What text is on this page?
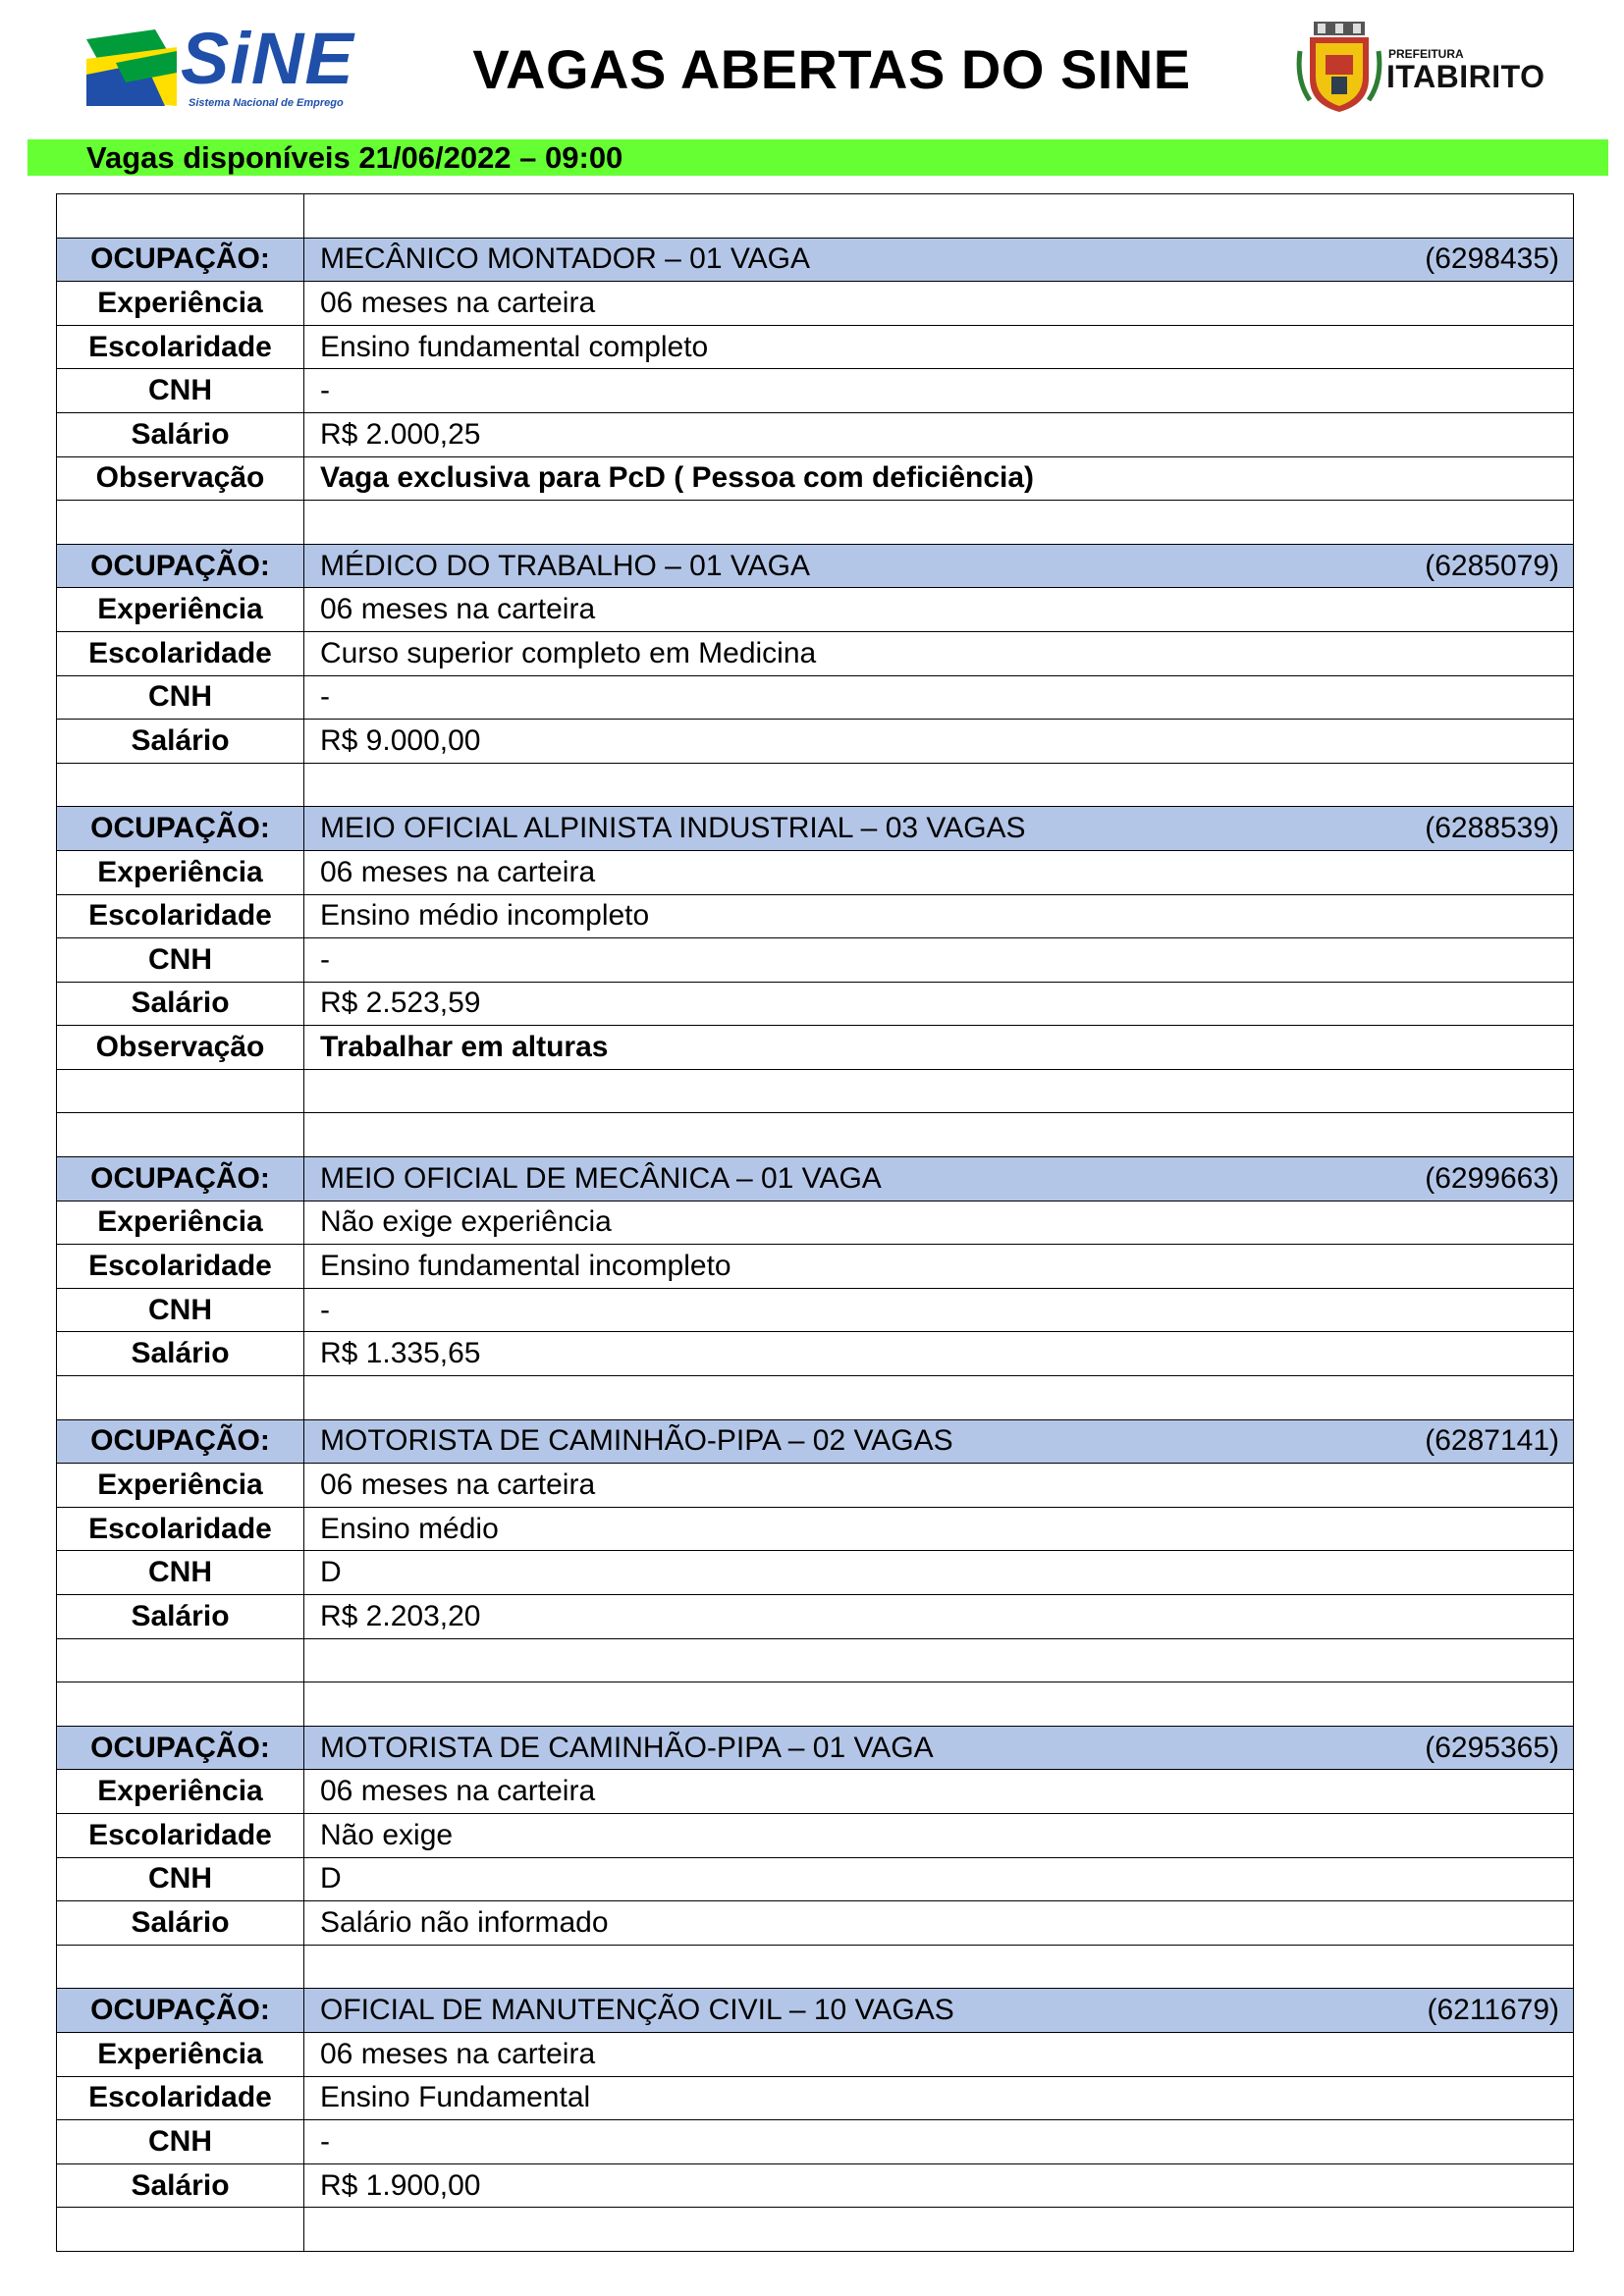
SiNE
Sistema Nacional de Emprego
VAGAS ABERTAS DO SINE	PREFEITURA
ITABIRITO
Vagas disponíveis 21/06/2022 – 09:00

OCUPAÇÃO:	MECÂNICO MONTADOR – 01 VAGA (6298435)

Experiência	06 meses na carteira
Escolaridade	Ensino fundamental completo
CNH	-
Salário	R$ 2.000,25
Observação	Vaga exclusiva para PcD ( Pessoa com deficiência)

OCUPAÇÃO:	MÉDICO DO TRABALHO – 01 VAGA (6285079)

Experiência	06 meses na carteira
Escolaridade	Curso superior completo em Medicina
CNH	-
Salário	R$ 9.000,00

OCUPAÇÃO:	MEIO OFICIAL ALPINISTA INDUSTRIAL – 03 VAGAS (6288539)

Experiência	06 meses na carteira
Escolaridade	Ensino médio incompleto
CNH	-
Salário	R$ 2.523,59
Observação	Trabalhar em alturas

OCUPAÇÃO:	MEIO OFICIAL DE MECÂNICA – 01 VAGA (6299663)

Experiência	Não exige experiência
Escolaridade	Ensino fundamental incompleto
CNH	-
Salário	R$ 1.335,65

OCUPAÇÃO:	MOTORISTA DE CAMINHÃO-PIPA – 02 VAGAS (6287141)

Experiência	06 meses na carteira
Escolaridade	Ensino médio
CNH	D
Salário	R$ 2.203,20

OCUPAÇÃO:	MOTORISTA DE CAMINHÃO-PIPA – 01 VAGA (6295365)

Experiência	06 meses na carteira
Escolaridade	Não exige
CNH	D
Salário	Salário não informado

OCUPAÇÃO:	OFICIAL DE MANUTENÇÃO CIVIL – 10 VAGAS (6211679)

Experiência	06 meses na carteira
Escolaridade	Ensino Fundamental
CNH	-
Salário	R$ 1.900,00
